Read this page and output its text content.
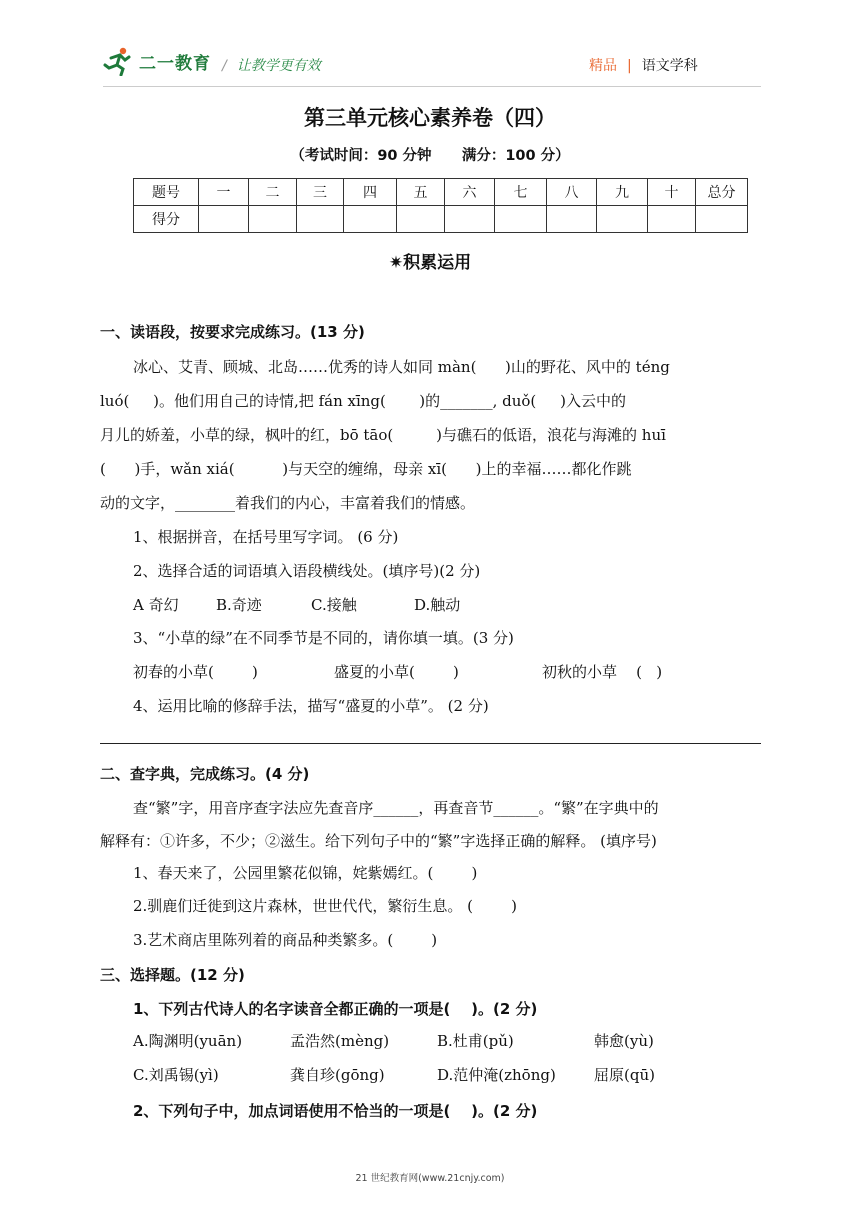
二一教育 / 让教学更有效	精品 | 语文学科
第三单元核心素养卷（四）
（考试时间：90 分钟      满分：100 分）
题号	一	二	三	四	五	六	七	八	九	十	总分
得分											
✷积累运用
一、读语段，按要求完成练习。(13 分)
冰心、艾青、顾城、北岛……优秀的诗人如同 màn(      )山的野花、风中的 téng
luó(     )。他们用自己的诗情,把 fán xīng(       )的_______, duǒ(     )入云中的
月儿的娇羞，小草的绿，枫叶的红，bō tāo(         )与礁石的低语，浪花与海滩的 huī
(      )手，wǎn xiá(          )与天空的缠绵，母亲 xī(      )上的幸福……都化作跳
动的文字，________着我们的内心，丰富着我们的情感。
1、根据拼音，在括号里写字词。 (6 分)
2、选择合适的词语填入语段横线处。(填序号)(2 分)
A 奇幻 B.奇迹	C.接触	D.触动
3、“小草的绿”在不同季节是不同的，请你填一填。(3 分)
初春的小草(        )	盛夏的小草(        )	初秋的小草    (   )
4、运用比喻的修辞手法，描写“盛夏的小草”。 (2 分)
二、查字典，完成练习。(4 分)
查“繁”字，用音序查字法应先查音序______，再查音节______。“繁”在字典中的
解释有：①许多，不少；②滋生。给下列句子中的“繁”字选择正确的解释。 (填序号)
1、春天来了，公园里繁花似锦，姹紫嫣红。(        )
2.驯鹿们迁徙到这片森林，世世代代，繁衍生息。 (        )
3.艺术商店里陈列着的商品种类繁多。(        )
三、选择题。(12 分)
1、下列古代诗人的名字读音全都正确的一项是(    )。(2 分)
A.陶渊明(yuān)	孟浩然(mèng)	B.杜甫(pǔ)	韩愈(yù)
C.刘禹锡(yì)	龚自珍(gōng)	D.范仲淹(zhōng)	屈原(qū)
2、下列句子中，加点词语使用不恰当的一项是(    )。(2 分)
21 世纪教育网(www.21cnjy.com)
